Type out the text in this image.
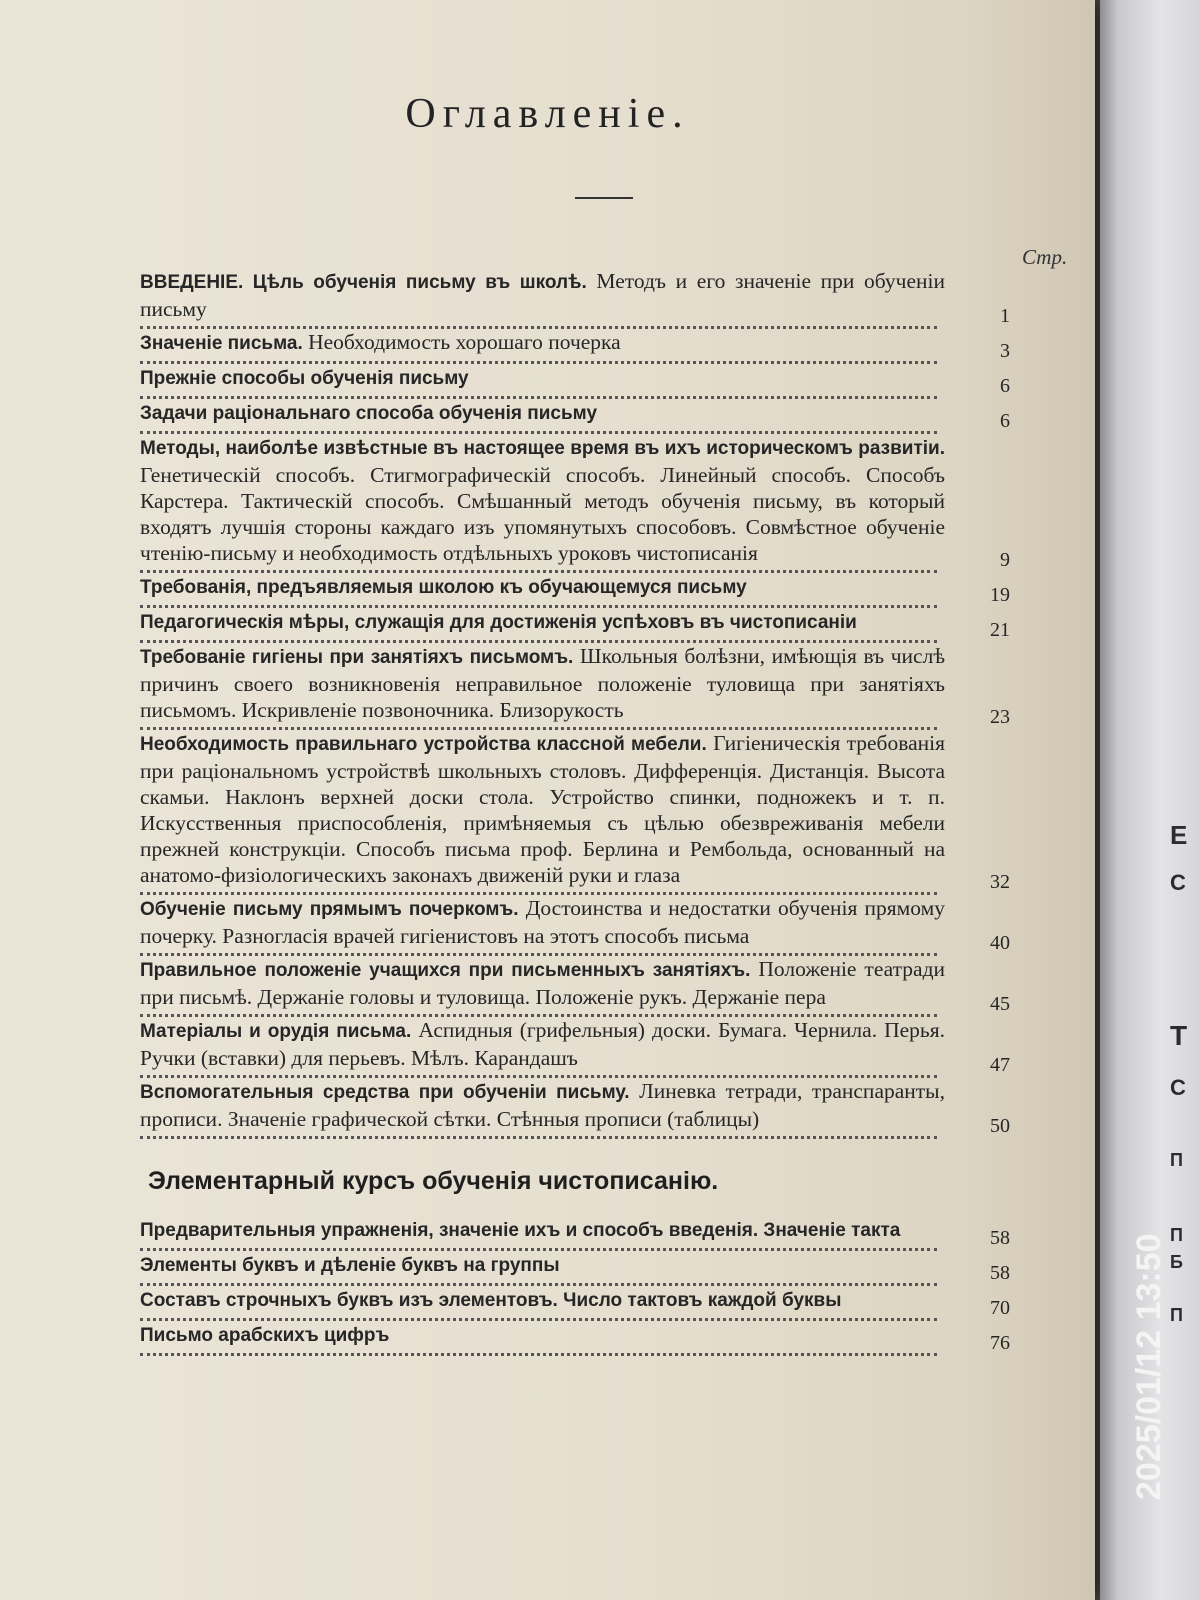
Оглавленіе.
Стр.
ВВЕДЕНІЕ. Цѣль обученія письму въ школѣ. Методъ и его значеніе при обученіи письму	1
Значеніе письма. Необходимость хорошаго почерка	3
Прежніе способы обученія письму	6
Задачи раціональнаго способа обученія письму	6
Методы, наиболѣе извѣстные въ настоящее время въ ихъ историческомъ развитіи. Генетическій способъ. Стигмографическій способъ. Линейный способъ. Способъ Карстера. Тактическій способъ. Смѣшанный методъ обученія письму, въ который входятъ лучшія стороны каждаго изъ упомянутыхъ способовъ. Совмѣстное обученіе чтенію-письму и необходимость отдѣльныхъ уроковъ чистописанія	9
Требованія, предъявляемыя школою къ обучающемуся письму	19
Педагогическія мѣры, служащія для достиженія успѣховъ въ чистописаніи	21
Требованіе гигіены при занятіяхъ письмомъ. Школьныя болѣзни, имѣющія въ числѣ причинъ своего возникновенія неправильное положеніе туловища при занятіяхъ письмомъ. Искривленіе позвоночника. Близорукость	23
Необходимость правильнаго устройства классной мебели. Гигіеническія требованія при раціональномъ устройствѣ школьныхъ столовъ. Дифференція. Дистанція. Высота скамьи. Наклонъ верхней доски стола. Устройство спинки, подножекъ и т. п. Искусственныя приспособленія, примѣняемыя съ цѣлью обезвреживанія мебели прежней конструкціи. Способъ письма проф. Берлина и Рембольда, основанный на анатомо-физіологическихъ законахъ движеній руки и глаза	32
Обученіе письму прямымъ почеркомъ. Достоинства и недостатки обученія прямому почерку. Разногласія врачей гигіенистовъ на этотъ способъ письма	40
Правильное положеніе учащихся при письменныхъ занятіяхъ. Положеніе театради при письмѣ. Держаніе головы и туловища. Положеніе рукъ. Держаніе пера	45
Матеріалы и орудія письма. Аспидныя (грифельныя) доски. Бумага. Чернила. Перья. Ручки (вставки) для перьевъ. Мѣлъ. Карандашъ	47
Вспомогательныя средства при обученіи письму. Линевка тетради, транспаранты, прописи. Значеніе графической сѣтки. Стѣнныя прописи (таблицы)	50
Элементарный курсъ обученія чистописанію.
Предварительныя упражненія, значеніе ихъ и способъ введенія. Значеніе такта	58
Элементы буквъ и дѣленіе буквъ на группы	58
Составъ строчныхъ буквъ изъ элементовъ. Число тактовъ каждой буквы	70
Письмо арабскихъ цифръ	76
Е
С
Т
С
П
П
Б
П
2025/01/12 13:50
